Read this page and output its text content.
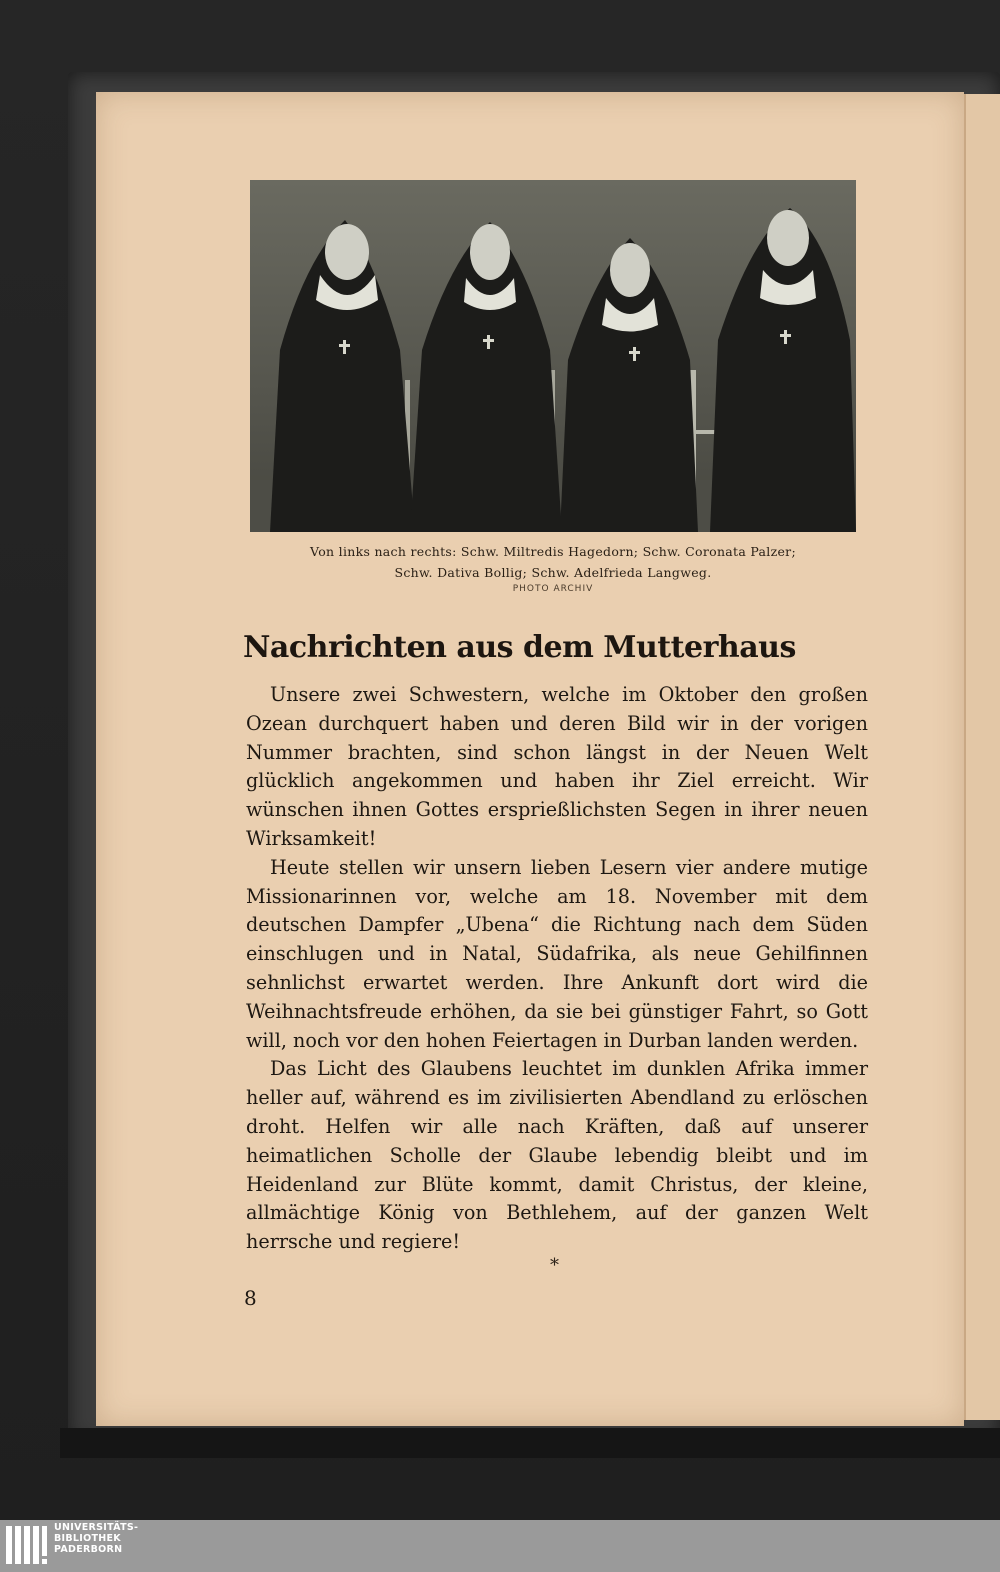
Von links nach rechts: Schw. Miltredis Hagedorn; Schw. Coronata Palzer;
Schw. Dativa Bollig; Schw. Adelfrieda Langweg.
PHOTO ARCHIV
Nachrichten aus dem Mutterhaus

Unsere zwei Schwestern, welche im Oktober den großen Ozean durchquert haben und deren Bild wir in der vorigen Nummer brachten, sind schon längst in der Neuen Welt glücklich angekommen und haben ihr Ziel erreicht. Wir wünschen ihnen Gottes ersprießlichsten Segen in ihrer neuen Wirksamkeit!

Heute stellen wir unsern lieben Lesern vier andere mutige Missionarinnen vor, welche am 18. November mit dem deutschen Dampfer „Ubena“ die Richtung nach dem Süden einschlugen und in Natal, Südafrika, als neue Gehilfinnen sehnlichst erwartet werden. Ihre Ankunft dort wird die Weihnachtsfreude erhöhen, da sie bei günstiger Fahrt, so Gott will, noch vor den hohen Feiertagen in Durban landen werden.

Das Licht des Glaubens leuchtet im dunklen Afrika immer heller auf, während es im zivilisierten Abendland zu erlöschen droht. Helfen wir alle nach Kräften, daß auf unserer heimatlichen Scholle der Glaube lebendig bleibt und im Heidenland zur Blüte kommt, damit Christus, der kleine, allmächtige König von Bethlehem, auf der ganzen Welt herrsche und regiere!

*
8
UNIVERSITÄTS-
BIBLIOTHEK
PADERBORN
